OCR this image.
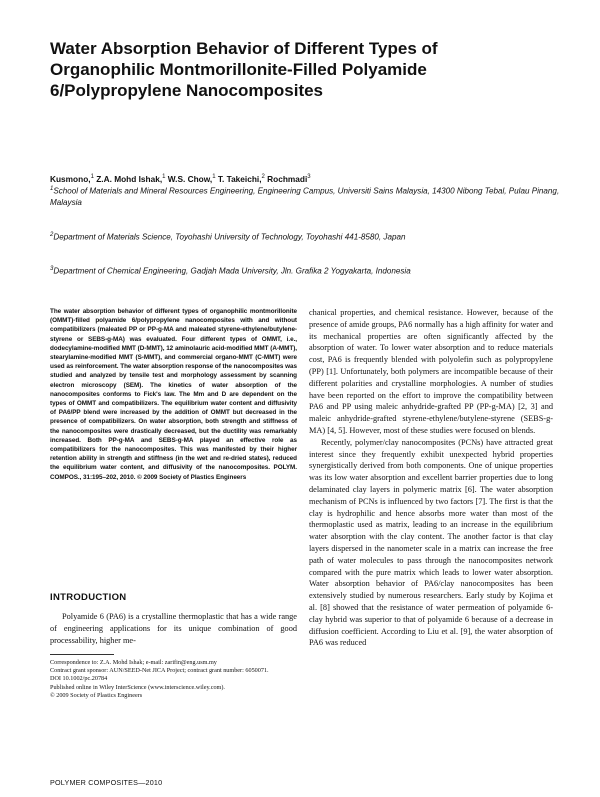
Water Absorption Behavior of Different Types of Organophilic Montmorillonite-Filled Polyamide 6/Polypropylene Nanocomposites

Kusmono,$^1$ Z.A. Mohd Ishak,$^1$ W.S. Chow,$^1$ T. Takeichi,$^2$ Rochmadi$^3$

$^1$School of Materials and Mineral Resources Engineering, Engineering Campus, Universiti Sains Malaysia, 14300 Nibong Tebal, Pulau Pinang, Malaysia

$^2$Department of Materials Science, Toyohashi University of Technology, Toyohashi 441-8580, Japan

$^3$Department of Chemical Engineering, Gadjah Mada University, Jln. Grafika 2 Yogyakarta, Indonesia

The water absorption behavior of different types of organophilic montmorillonite (OMMT)-filled polyamide 6/polypropylene nanocomposites with and without compatibilizers (maleated PP or PP-g-MA and maleated styrene-ethylene/butylene-styrene or SEBS-g-MA) was evaluated. Four different types of OMMT, i.e., dodecylamine-modified MMT (D-MMT), 12 aminolauric acid-modified MMT (A-MMT), stearylamine-modified MMT (S-MMT), and commercial organo-MMT (C-MMT) were used as reinforcement. The water absorption response of the nanocomposites was studied and analyzed by tensile test and morphology assessment by scanning electron microscopy (SEM). The kinetics of water absorption of the nanocomposites conforms to Fick's law. The Mm and D are dependent on the types of OMMT and compatibilizers. The equilibrium water content and diffusivity of PA6/PP blend were increased by the addition of OMMT but decreased in the presence of compatibilizers. On water absorption, both strength and stiffness of the nanocomposites were drastically decreased, but the ductility was remarkably increased. Both PP-g-MA and SEBS-g-MA played an effective role as compatibilizers for the nanocomposites. This was manifested by their higher retention ability in strength and stiffness (in the wet and re-dried states), reduced the equilibrium water content, and diffusivity of the nanocomposites. POLYM. COMPOS., 31:195–202, 2010. © 2009 Society of Plastics Engineers

INTRODUCTION

Polyamide 6 (PA6) is a crystalline thermoplastic that has a wide range of engineering applications for its unique combination of good processability, higher me-

Correspondence to: Z.A. Mohd Ishak; e-mail: zarifin@eng.usm.my
Contract grant sponsor: AUN/SEED-Net JICA Project; contract grant number: 6050071.
DOI 10.1002/pc.20784
Published online in Wiley InterScience (www.interscience.wiley.com).
© 2009 Society of Plastics Engineers

chanical properties, and chemical resistance. However, because of the presence of amide groups, PA6 normally has a high affinity for water and its mechanical properties are often significantly affected by the absorption of water. To lower water absorption and to reduce materials cost, PA6 is frequently blended with polyolefin such as polypropylene (PP) [1]. Unfortunately, both polymers are incompatible because of their different polarities and crystalline morphologies. A number of studies have been reported on the effort to improve the compatibility between PA6 and PP using maleic anhydride-grafted PP (PP-g-MA) [2, 3] and maleic anhydride-grafted styrene-ethylene/butylene-styrene (SEBS-g-MA) [4, 5]. However, most of these studies were focused on blends.

Recently, polymer/clay nanocomposites (PCNs) have attracted great interest since they frequently exhibit unexpected hybrid properties synergistically derived from both components. One of unique properties was its low water absorption and excellent barrier properties due to long delaminated clay layers in polymeric matrix [6]. The water absorption mechanism of PCNs is influenced by two factors [7]. The first is that the clay is hydrophilic and hence absorbs more water than most of the thermoplastic used as matrix, leading to an increase in the equilibrium water absorption with the clay content. The another factor is that clay layers dispersed in the nanometer scale in a matrix can increase the free path of water molecules to pass through the nanocomposites network compared with the pure matrix which leads to lower water absorption. Water absorption behavior of PA6/clay nanocomposites has been extensively studied by numerous researchers. Early study by Kojima et al. [8] showed that the resistance of water permeation of polyamide 6-clay hybrid was superior to that of polyamide 6 because of a decrease in diffusion coefficient. According to Liu et al. [9], the water absorption of PA6 was reduced

POLYMER COMPOSITES—2010
